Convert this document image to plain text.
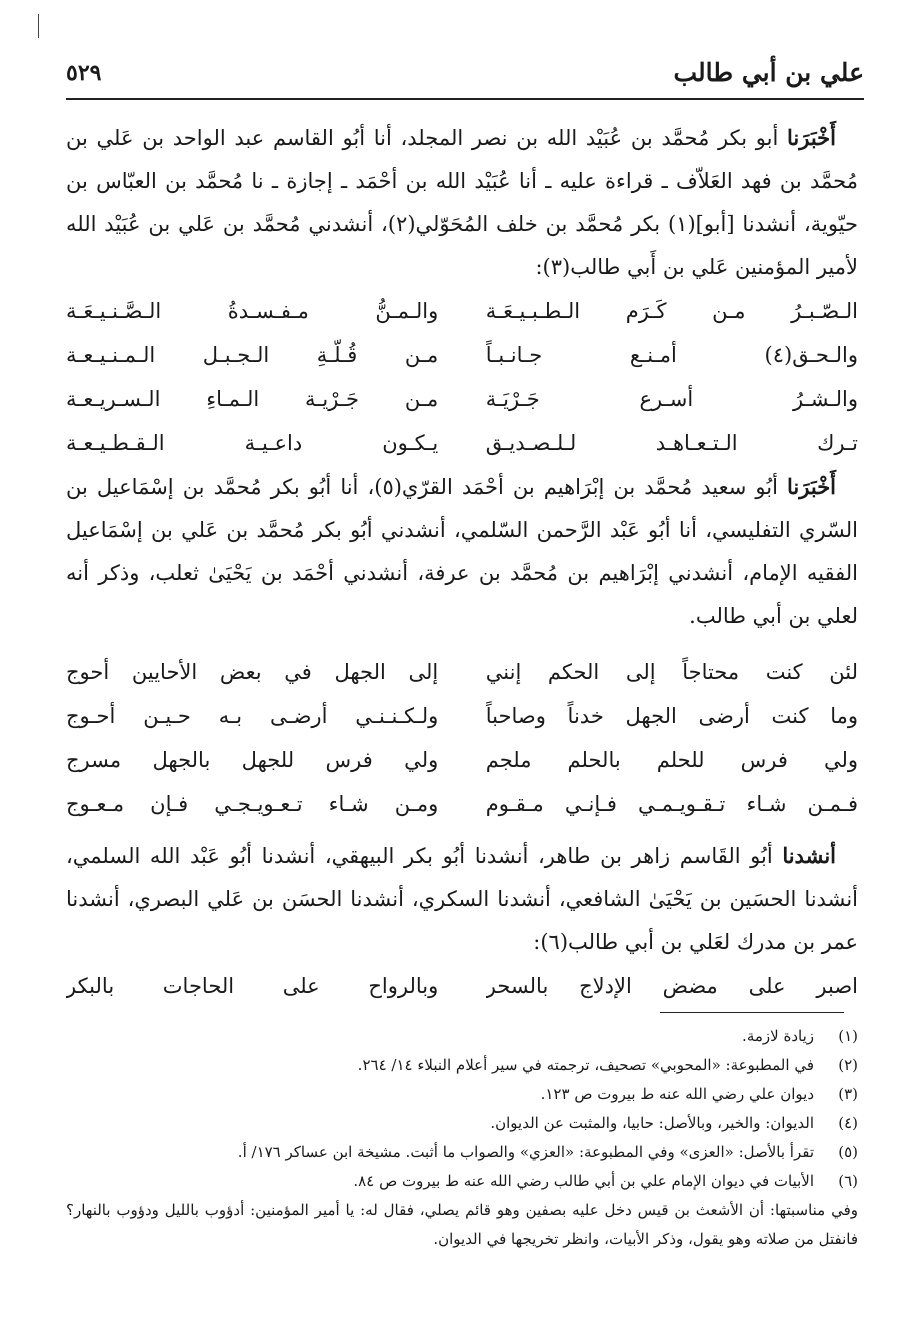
علي بن أبي طالب
٥٢٩

أَخْبَرَنا أبو بكر مُحمَّد بن عُبَيْد الله بن نصر المجلد، أنا أبُو القاسم عبد الواحد بن عَلي بن مُحمَّد بن فهد العَلاّف ـ قراءة عليه ـ أنا عُبَيْد الله بن أحْمَد ـ إجازة ـ نا مُحمَّد بن العبّاس بن حيّوية، أنشدنا [أبو](١) بكر مُحمَّد بن خلف المُحَوّلي(٢)، أنشدني مُحمَّد بن عَلي بن عُبَيْد الله لأمير المؤمنين عَلي بن أَبي طالب(٣):

الـصّـبـرُ مـن كَـرَم الـطـبـيـعَـة
والـمـنُّ مـفـسـدةُ الـصَّـنـيـعَـة
والـحـق(٤) أمـنـع جـانـبـاً
مـن قُـلّـةِ الـجـبـل الـمـنـيـعـة
والـشـرُ أسـرع جَـرْيَـة
مـن جَـرْيـة الـمـاءِ الـسـريـعـة
تـرك الـتـعـاهـد لـلـصـديـق
يـكـون داعـيـة الـقـطـيـعـة

أَخْبَرَنا أبُو سعيد مُحمَّد بن إبْرَاهيم بن أحْمَد القرّي(٥)، أنا أبُو بكر مُحمَّد بن إسْمَاعيل بن السّري التفليسي، أنا أبُو عَبْد الرَّحمن السّلمي، أنشدني أبُو بكر مُحمَّد بن عَلي بن إسْمَاعيل الفقيه الإمام، أنشدني إبْرَاهيم بن مُحمَّد بن عرفة، أنشدني أحْمَد بن يَحْيَىٰ ثعلب، وذكر أنه لعلي بن أبي طالب.

لئن كنت محتاجاً إلى الحكم إنني
إلى الجهل في بعض الأحايين أحوج
وما كنت أرضى الجهل خدناً وصاحباً
ولـكـنـنـي أرضـى بـه حـيـن أحـوج
ولي فرس للحلم بالحلم ملجم
ولي فرس للجهل بالجهل مسرج
فـمـن شـاء تـقـويـمـي فـإنـي مـقـوم
ومـن شـاء تـعـويـجـي فـإن مـعـوج

أنشدنا أبُو القَاسم زاهر بن طاهر، أنشدنا أبُو بكر البيهقي، أنشدنا أبُو عَبْد الله السلمي، أنشدنا الحسَين بن يَحْيَىٰ الشافعي، أنشدنا السكري، أنشدنا الحسَن بن عَلي البصري، أنشدنا عمر بن مدرك لعَلي بن أبي طالب(٦):

اصبر على مضض الإدلاج بالسحر
وبالرواح على الحاجات بالبكر
(١)
زيادة لازمة.
(٢)
في المطبوعة: «المحوبي» تصحيف، ترجمته في سير أعلام النبلاء ١٤/ ٢٦٤.
(٣)
ديوان علي رضي الله عنه ط بيروت ص ١٢٣.
(٤)
الديوان: والخير، وبالأصل: حابيا، والمثبت عن الديوان.
(٥)
تقرأ بالأصل: «العزى» وفي المطبوعة: «العزي» والصواب ما أثبت. مشيخة ابن عساكر ١٧٦/ أ.
(٦)
الأبيات في ديوان الإمام علي بن أبي طالب رضي الله عنه ط بيروت ص ٨٤.

وفي مناسبتها: أن الأشعث بن قيس دخل عليه بصفين وهو قائم يصلي، فقال له: يا أمير المؤمنين: أدؤوب بالليل ودؤوب بالنهار؟ فانفتل من صلاته وهو يقول، وذكر الأبيات، وانظر تخريجها في الديوان.
